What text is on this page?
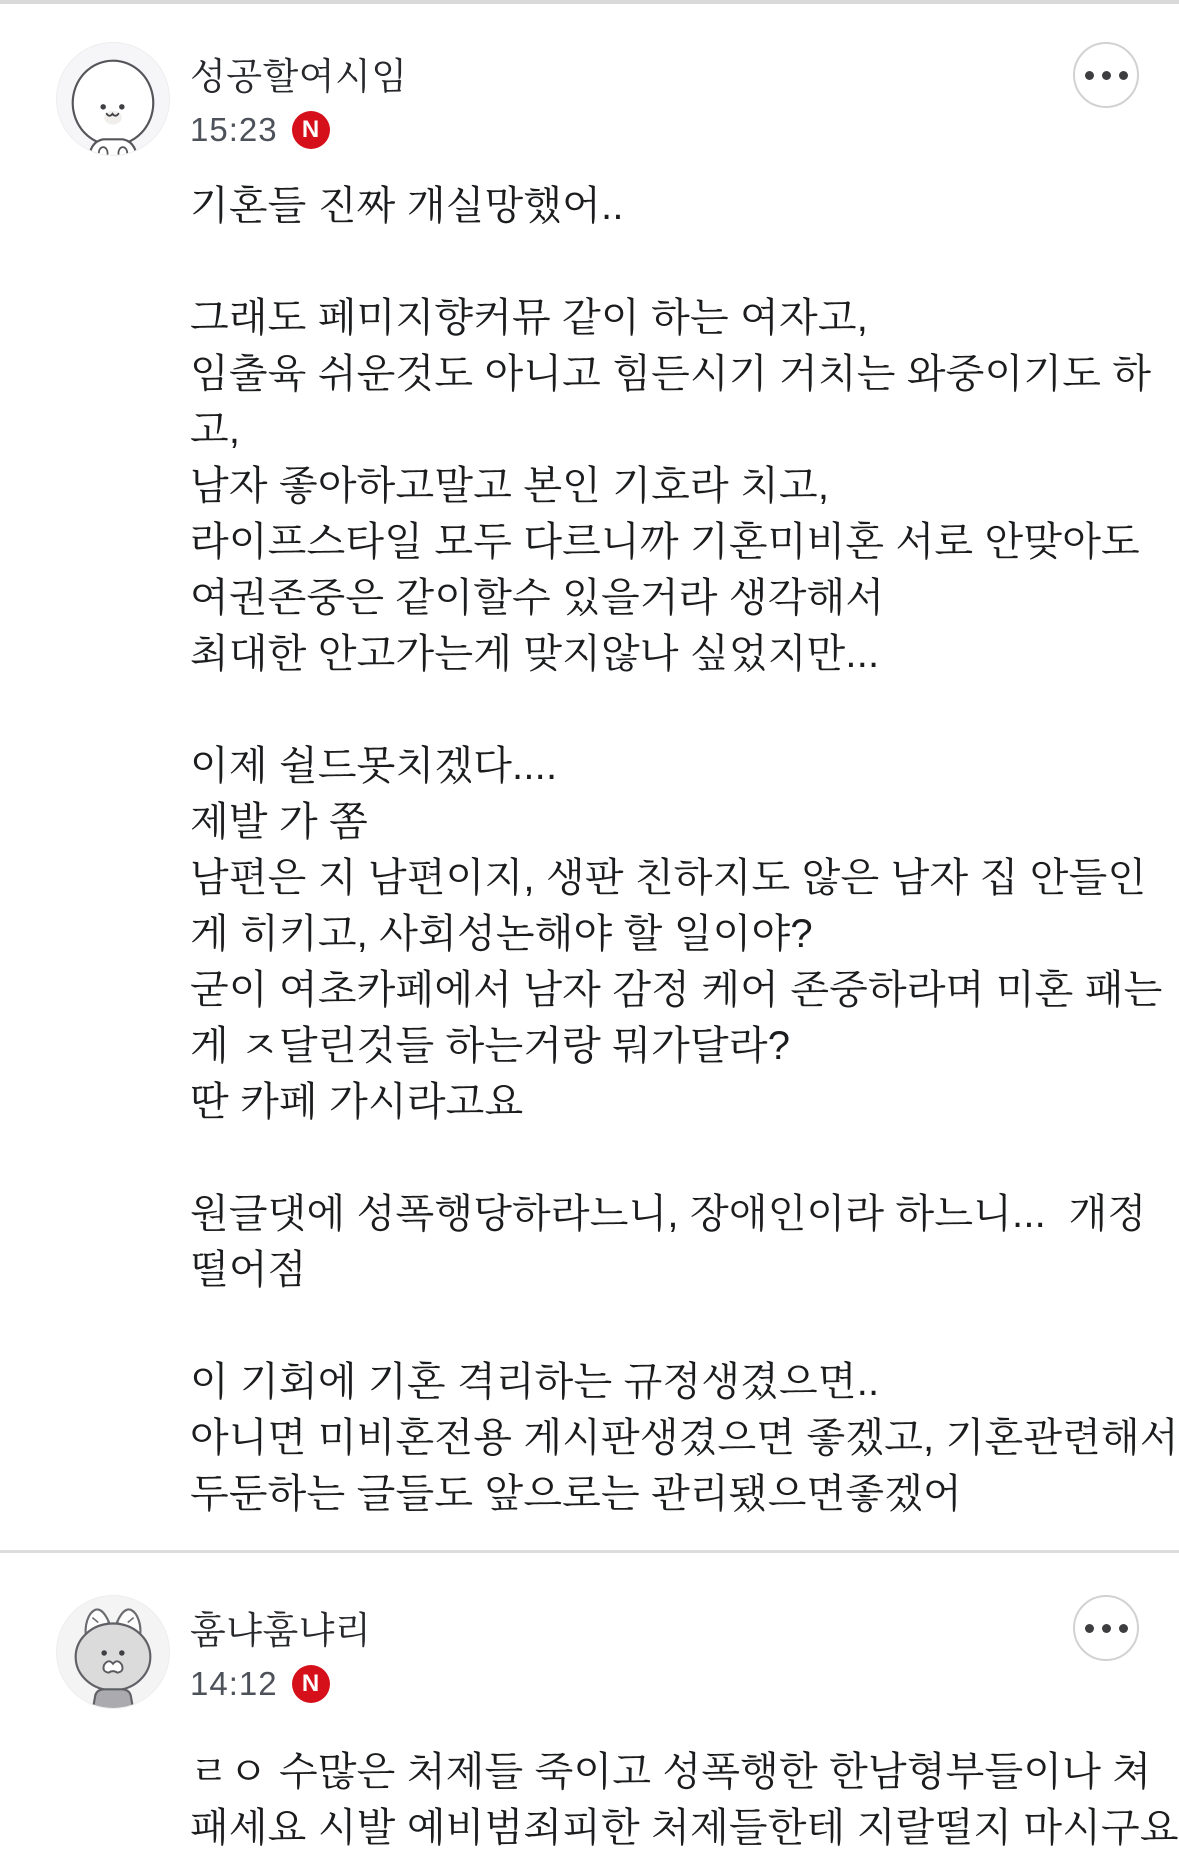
성공할여시임
15:23	N
기혼들 진짜 개실망했어..

그래도 페미지향커뮤 같이 하는 여자고,
임출육 쉬운것도 아니고 힘든시기 거치는 와중이기도 하
고,
남자 좋아하고말고 본인 기호라 치고,
라이프스타일 모두 다르니까 기혼미비혼 서로 안맞아도
여권존중은 같이할수 있을거라 생각해서
최대한 안고가는게 맞지않나 싶었지만...

이제 쉴드못치겠다....
제발 가 쫌
남편은 지 남편이지, 생판 친하지도 않은 남자 집 안들인
게 히키고, 사회성논해야 할 일이야?
굳이 여초카페에서 남자 감정 케어 존중하라며 미혼 패는
게 ㅈ달린것들 하는거랑 뭐가달라?
딴 카페 가시라고요

원글댓에 성폭행당하라느니, 장애인이라 하느니...  개정
떨어점

이 기회에 기혼 격리하는 규정생겼으면..
아니면 미비혼전용 게시판생겼으면 좋겠고, 기혼관련해서
두둔하는 글들도 앞으로는 관리됐으면좋겠어
훔냐훔냐리
14:12	N
ㄹㅇ 수많은 처제들 죽이고 성폭행한 한남형부들이나 쳐
패세요 시발 예비범죄피한 처제들한테 지랄떨지 마시구요
